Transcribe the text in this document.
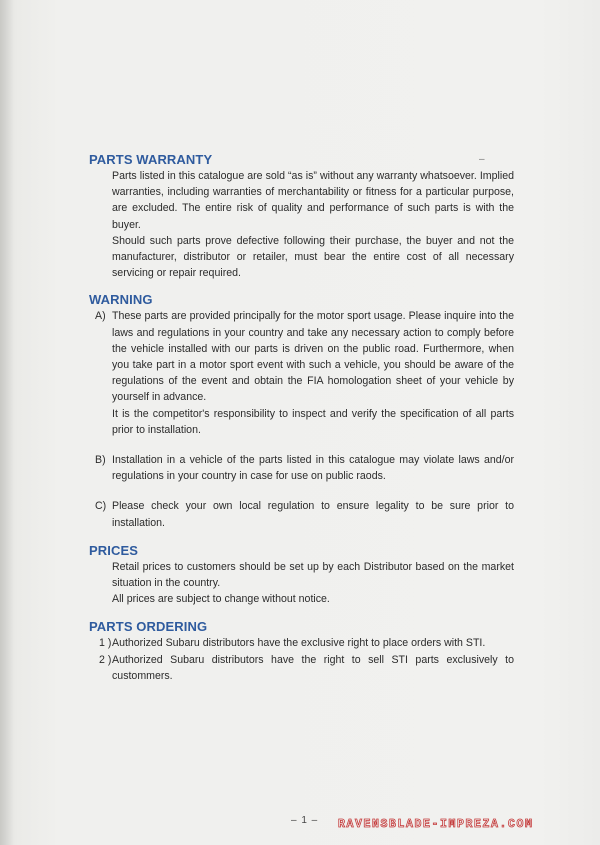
–
PARTS WARRANTY

Parts listed in this catalogue are sold “as is” without any warranty whatsoever. Implied warranties, including warranties of merchantability or fitness for a particular purpose, are excluded. The entire risk of quality and performance of such parts is with the buyer.

Should such parts prove defective following their purchase, the buyer and not the manufacturer, distributor or retailer, must bear the entire cost of all necessary servicing or repair required.

WARNING
A) These parts are provided principally for the motor sport usage. Please inquire into the laws and regulations in your country and take any necessary action to comply before the vehicle installed with our parts is driven on the public road. Furthermore, when you take part in a motor sport event with such a vehicle, you should be aware of the regulations of the event and obtain the FIA homologation sheet of your vehicle by yourself in advance.

It is the competitor's responsibility to inspect and verify the specification of all parts prior to installation.

B) Installation in a vehicle of the parts listed in this catalogue may violate laws and/or regulations in your country in case for use on public raods.

C) Please check your own local regulation to ensure legality to be sure prior to installation.

PRICES

Retail prices to customers should be set up by each Distributor based on the market situation in the country.

All prices are subject to change without notice.

PARTS ORDERING
1 ) Authorized Subaru distributors have the exclusive right to place orders with STI.
2 ) Authorized Subaru distributors have the right to sell STI parts exclusively to custommers.
– 1 – RAVENSBLADE-IMPREZA.COM
